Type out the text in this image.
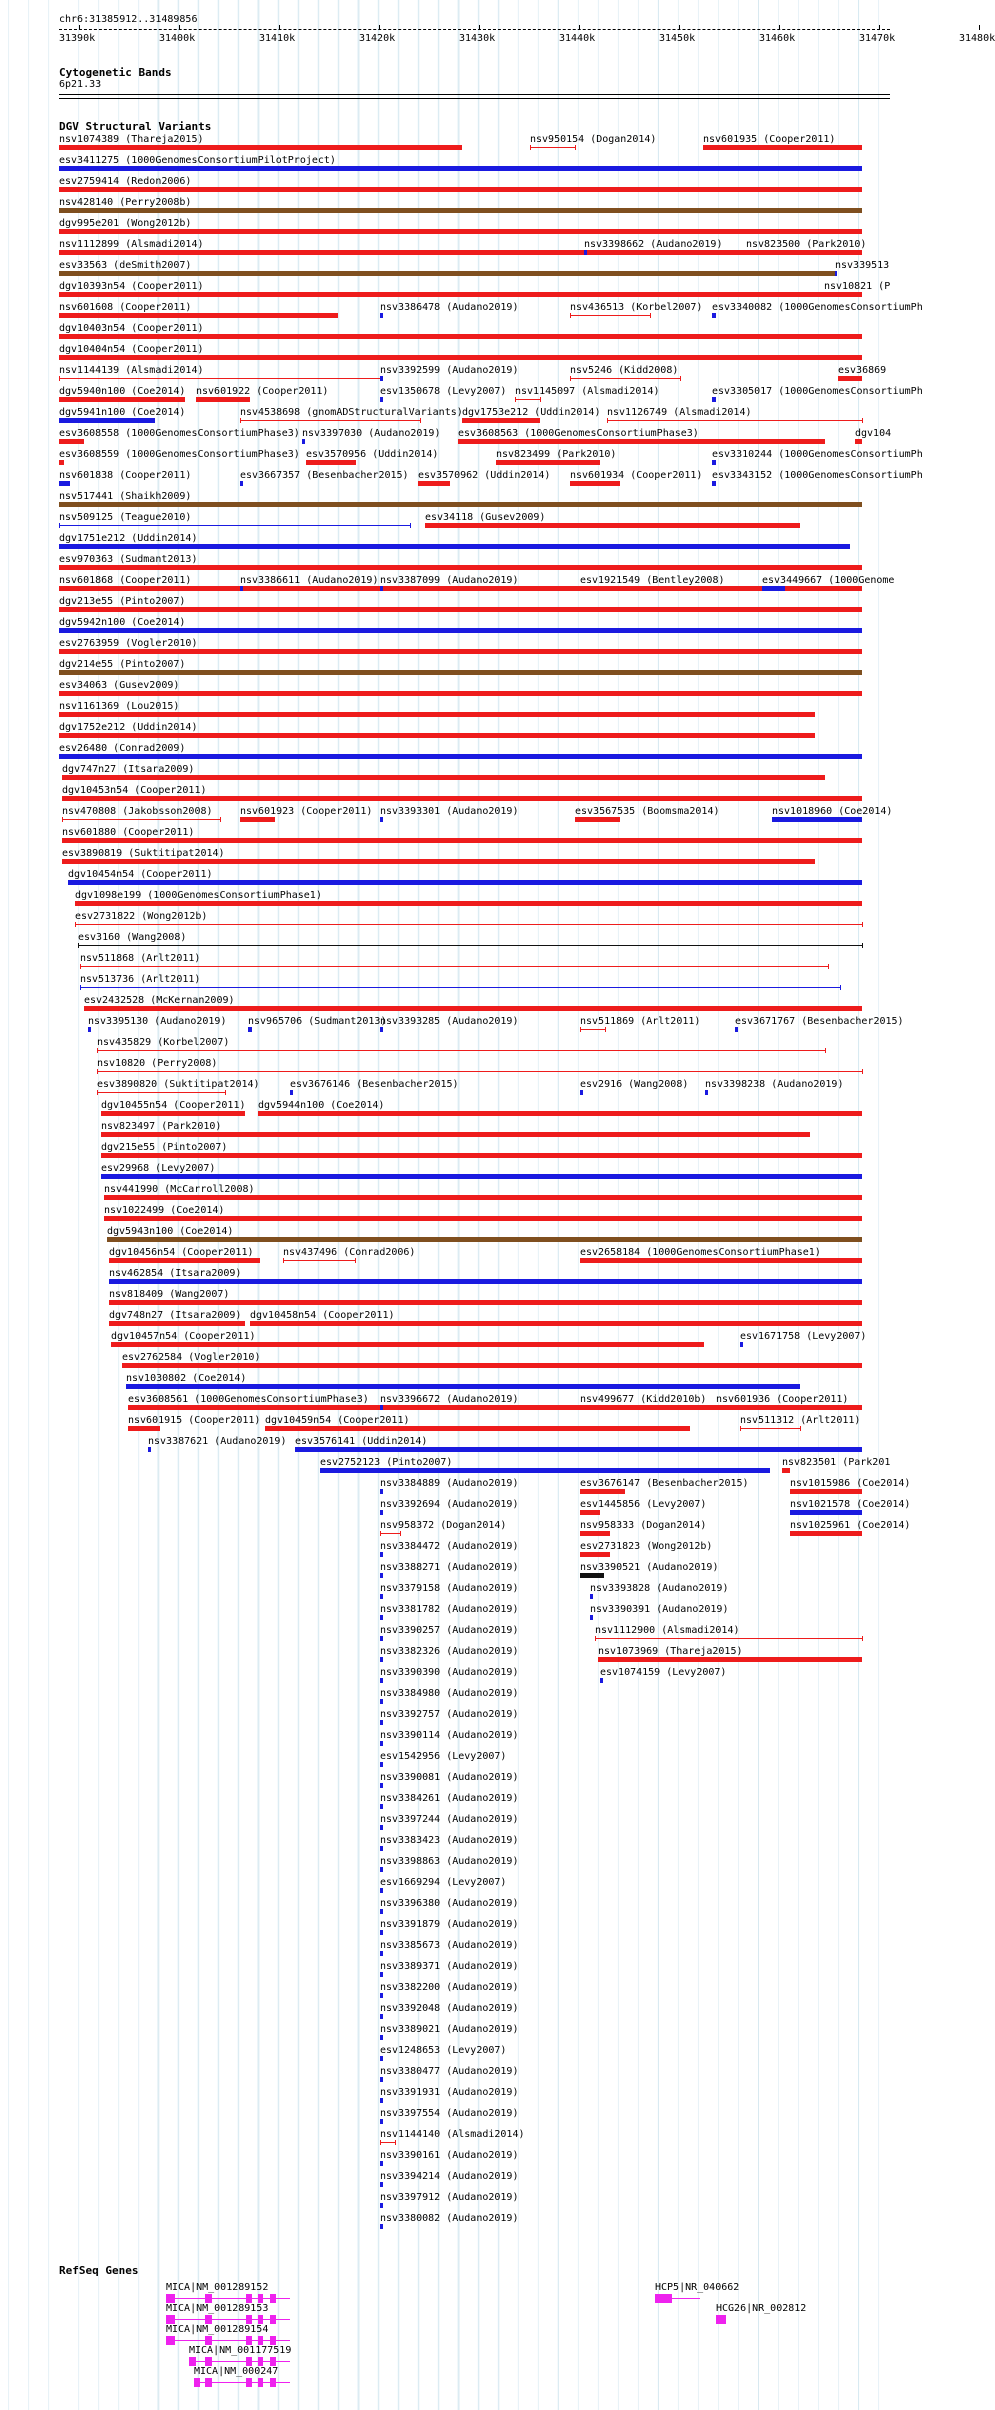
chr6:31385912..31489856
31390k	31400k	31410k	31420k	31430k	31440k	31450k	31460k	31470k	31480k
Cytogenetic Bands
6p21.33
DGV Structural Variants
nsv1074389 (Thareja2015)	nsv950154 (Dogan2014)	nsv601935 (Cooper2011)
esv3411275 (1000GenomesConsortiumPilotProject)
esv2759414 (Redon2006)
nsv428140 (Perry2008b)
dgv995e201 (Wong2012b)
nsv1112899 (Alsmadi2014)	nsv3398662 (Audano2019) nsv823500 (Park2010)
esv33563 (deSmith2007)	nsv339513
dgv10393n54 (Cooper2011)	nsv10821 (P
nsv601608 (Cooper2011)	nsv3386478 (Audano2019)	nsv436513 (Korbel2007) esv3340082 (1000GenomesConsortiumPh
dgv10403n54 (Cooper2011)
dgv10404n54 (Cooper2011)
nsv1144139 (Alsmadi2014)	nsv3392599 (Audano2019)	nsv5246 (Kidd2008)	esv36869
dgv5940n100 (Coe2014) nsv601922 (Cooper2011)	esv1350678 (Levy2007) nsv1145097 (Alsmadi2014)	esv3305017 (1000GenomesConsortiumPh
dgv5941n100 (Coe2014)	nsv4538698 (gnomADStructuralVariants) dgv1753e212 (Uddin2014) nsv1126749 (Alsmadi2014)
esv3608558 (1000GenomesConsortiumPhase3) nsv3397030 (Audano2019) esv3608563 (1000GenomesConsortiumPhase3)	dgv104
esv3608559 (1000GenomesConsortiumPhase3) esv3570956 (Uddin2014)	nsv823499 (Park2010)	esv3310244 (1000GenomesConsortiumPh
nsv601838 (Cooper2011)	esv3667357 (Besenbacher2015) esv3570962 (Uddin2014) nsv601934 (Cooper2011) esv3343152 (1000GenomesConsortiumPh
nsv517441 (Shaikh2009)
nsv509125 (Teague2010)	esv34118 (Gusev2009)
dgv1751e212 (Uddin2014)
esv970363 (Sudmant2013)
nsv601868 (Cooper2011)	nsv3386611 (Audano2019) nsv3387099 (Audano2019)	esv1921549 (Bentley2008)	esv3449667 (1000Genome
dgv213e55 (Pinto2007)
dgv5942n100 (Coe2014)
esv2763959 (Vogler2010)
dgv214e55 (Pinto2007)
esv34063 (Gusev2009)
nsv1161369 (Lou2015)
dgv1752e212 (Uddin2014)
esv26480 (Conrad2009)
dgv747n27 (Itsara2009)
dgv10453n54 (Cooper2011)
nsv470808 (Jakobsson2008)	nsv601923 (Cooper2011) nsv3393301 (Audano2019)	esv3567535 (Boomsma2014)	nsv1018960 (Coe2014)
nsv601880 (Cooper2011)
esv3890819 (Suktitipat2014)
dgv10454n54 (Cooper2011)
dgv1098e199 (1000GenomesConsortiumPhase1)
esv2731822 (Wong2012b)
esv3160 (Wang2008)
nsv511868 (Arlt2011)
nsv513736 (Arlt2011)
esv2432528 (McKernan2009)
nsv3395130 (Audano2019) nsv965706 (Sudmant2013)
nsv3393285 (Audano2019)	nsv511869 (Arlt2011)	esv3671767 (Besenbacher2015)
nsv435829 (Korbel2007)
nsv10820 (Perry2008)
esv3890820 (Suktitipat2014)	esv3676146 (Besenbacher2015)	esv2916 (Wang2008) nsv3398238 (Audano2019)
dgv10455n54 (Cooper2011) dgv5944n100 (Coe2014)
nsv823497 (Park2010)
dgv215e55 (Pinto2007)
esv29968 (Levy2007)
nsv441990 (McCarroll2008)
nsv1022499 (Coe2014)
dgv5943n100 (Coe2014)
dgv10456n54 (Cooper2011)	nsv437496 (Conrad2006)	esv2658184 (1000GenomesConsortiumPhase1)
nsv462854 (Itsara2009)
nsv818409 (Wang2007)
dgv748n27 (Itsara2009) dgv10458n54 (Cooper2011)
dgv10457n54 (Cooper2011)	esv1671758 (Levy2007)
esv2762584 (Vogler2010)
nsv1030802 (Coe2014)
esv3608561 (1000GenomesConsortiumPhase3) nsv3396672 (Audano2019)	nsv499677 (Kidd2010b) nsv601936 (Cooper2011)
nsv601915 (Cooper2011) dgv10459n54 (Cooper2011)	nsv511312 (Arlt2011)
nsv3387621 (Audano2019) esv3576141 (Uddin2014)
esv2752123 (Pinto2007)	nsv823501 (Park201
nsv3384889 (Audano2019)	esv3676147 (Besenbacher2015)	nsv1015986 (Coe2014)
nsv3392694 (Audano2019)	esv1445856 (Levy2007)	nsv1021578 (Coe2014)
nsv958372 (Dogan2014)	nsv958333 (Dogan2014)	nsv1025961 (Coe2014)
nsv3384472 (Audano2019)	esv2731823 (Wong2012b)
nsv3388271 (Audano2019)	nsv3390521 (Audano2019)
nsv3379158 (Audano2019)	nsv3393828 (Audano2019)
nsv3381782 (Audano2019)	nsv3390391 (Audano2019)
nsv3390257 (Audano2019)	nsv1112900 (Alsmadi2014)
nsv3382326 (Audano2019)	nsv1073969 (Thareja2015)
nsv3390390 (Audano2019)	esv1074159 (Levy2007)
nsv3384980 (Audano2019)
nsv3392757 (Audano2019)
nsv3390114 (Audano2019)
esv1542956 (Levy2007)
nsv3390081 (Audano2019)
nsv3384261 (Audano2019)
nsv3397244 (Audano2019)
nsv3383423 (Audano2019)
nsv3398863 (Audano2019)
esv1669294 (Levy2007)
nsv3396380 (Audano2019)
nsv3391879 (Audano2019)
nsv3385673 (Audano2019)
nsv3389371 (Audano2019)
nsv3382200 (Audano2019)
nsv3392048 (Audano2019)
nsv3389021 (Audano2019)
esv1248653 (Levy2007)
nsv3380477 (Audano2019)
nsv3391931 (Audano2019)
nsv3397554 (Audano2019)
nsv1144140 (Alsmadi2014)
nsv3390161 (Audano2019)
nsv3394214 (Audano2019)
nsv3397912 (Audano2019)
nsv3380082 (Audano2019)
RefSeq Genes
MICA|NM_001289152	HCP5|NR_040662
MICA|NM_001289153	HCG26|NR_002812
MICA|NM_001289154
MICA|NM_001177519
MICA|NM_000247
